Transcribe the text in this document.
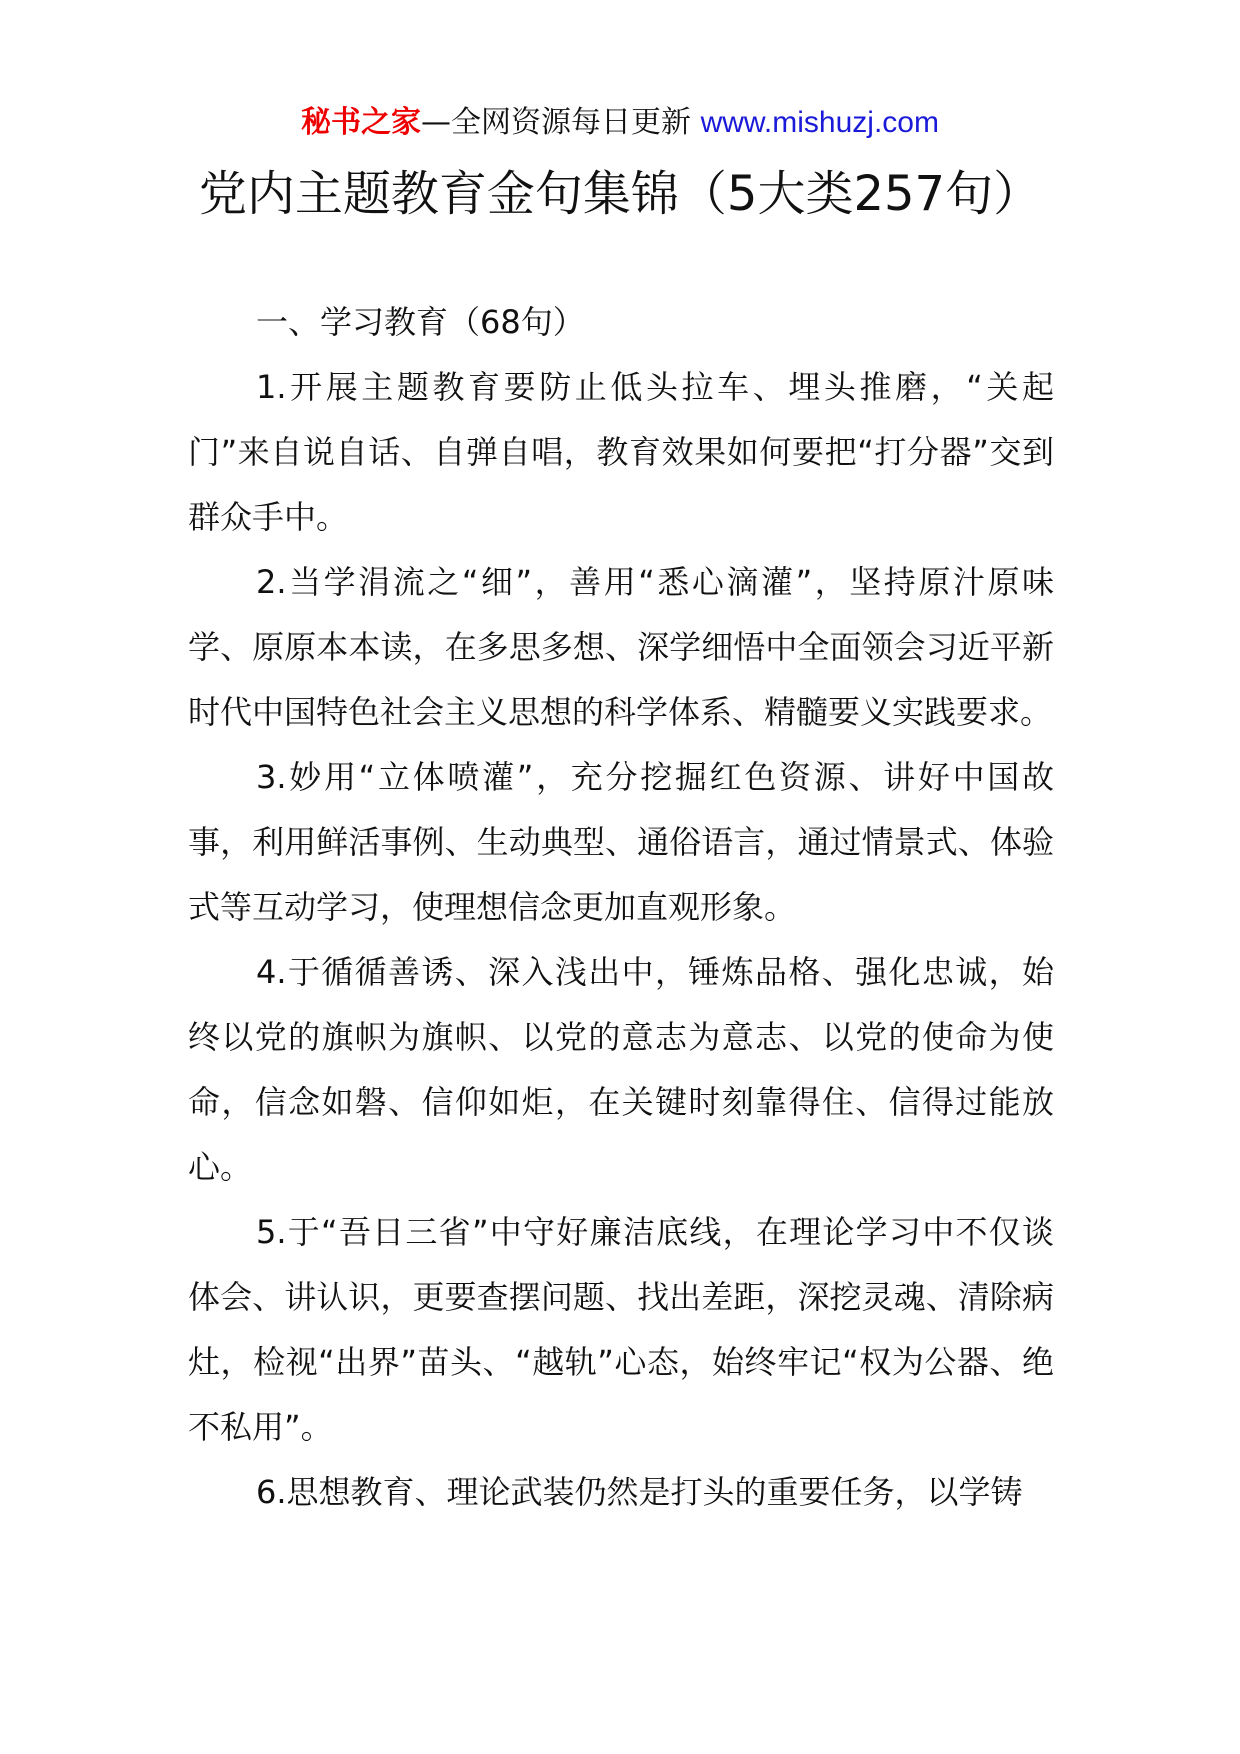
秘书之家—全网资源每日更新 www.mishuzj.com
党内主题教育金句集锦（5大类257句）

一、学习教育（68句）

1.开展主题教育要防止低头拉车、埋头推磨，“关起门”来自说自话、自弹自唱，教育效果如何要把“打分器”交到群众手中。

2.当学涓流之“细”，善用“悉心滴灌”，坚持原汁原味学、原原本本读，在多思多想、深学细悟中全面领会习近平新时代中国特色社会主义思想的科学体系、精髓要义实践要求。

3.妙用“立体喷灌”，充分挖掘红色资源、讲好中国故事，利用鲜活事例、生动典型、通俗语言，通过情景式、体验式等互动学习，使理想信念更加直观形象。

4.于循循善诱、深入浅出中，锤炼品格、强化忠诚，始终以党的旗帜为旗帜、以党的意志为意志、以党的使命为使命，信念如磐、信仰如炬，在关键时刻靠得住、信得过能放心。

5.于“吾日三省”中守好廉洁底线，在理论学习中不仅谈体会、讲认识，更要查摆问题、找出差距，深挖灵魂、清除病灶，检视“出界”苗头、“越轨”心态，始终牢记“权为公器、绝不私用”。

6.思想教育、理论武装仍然是打头的重要任务，以学铸
